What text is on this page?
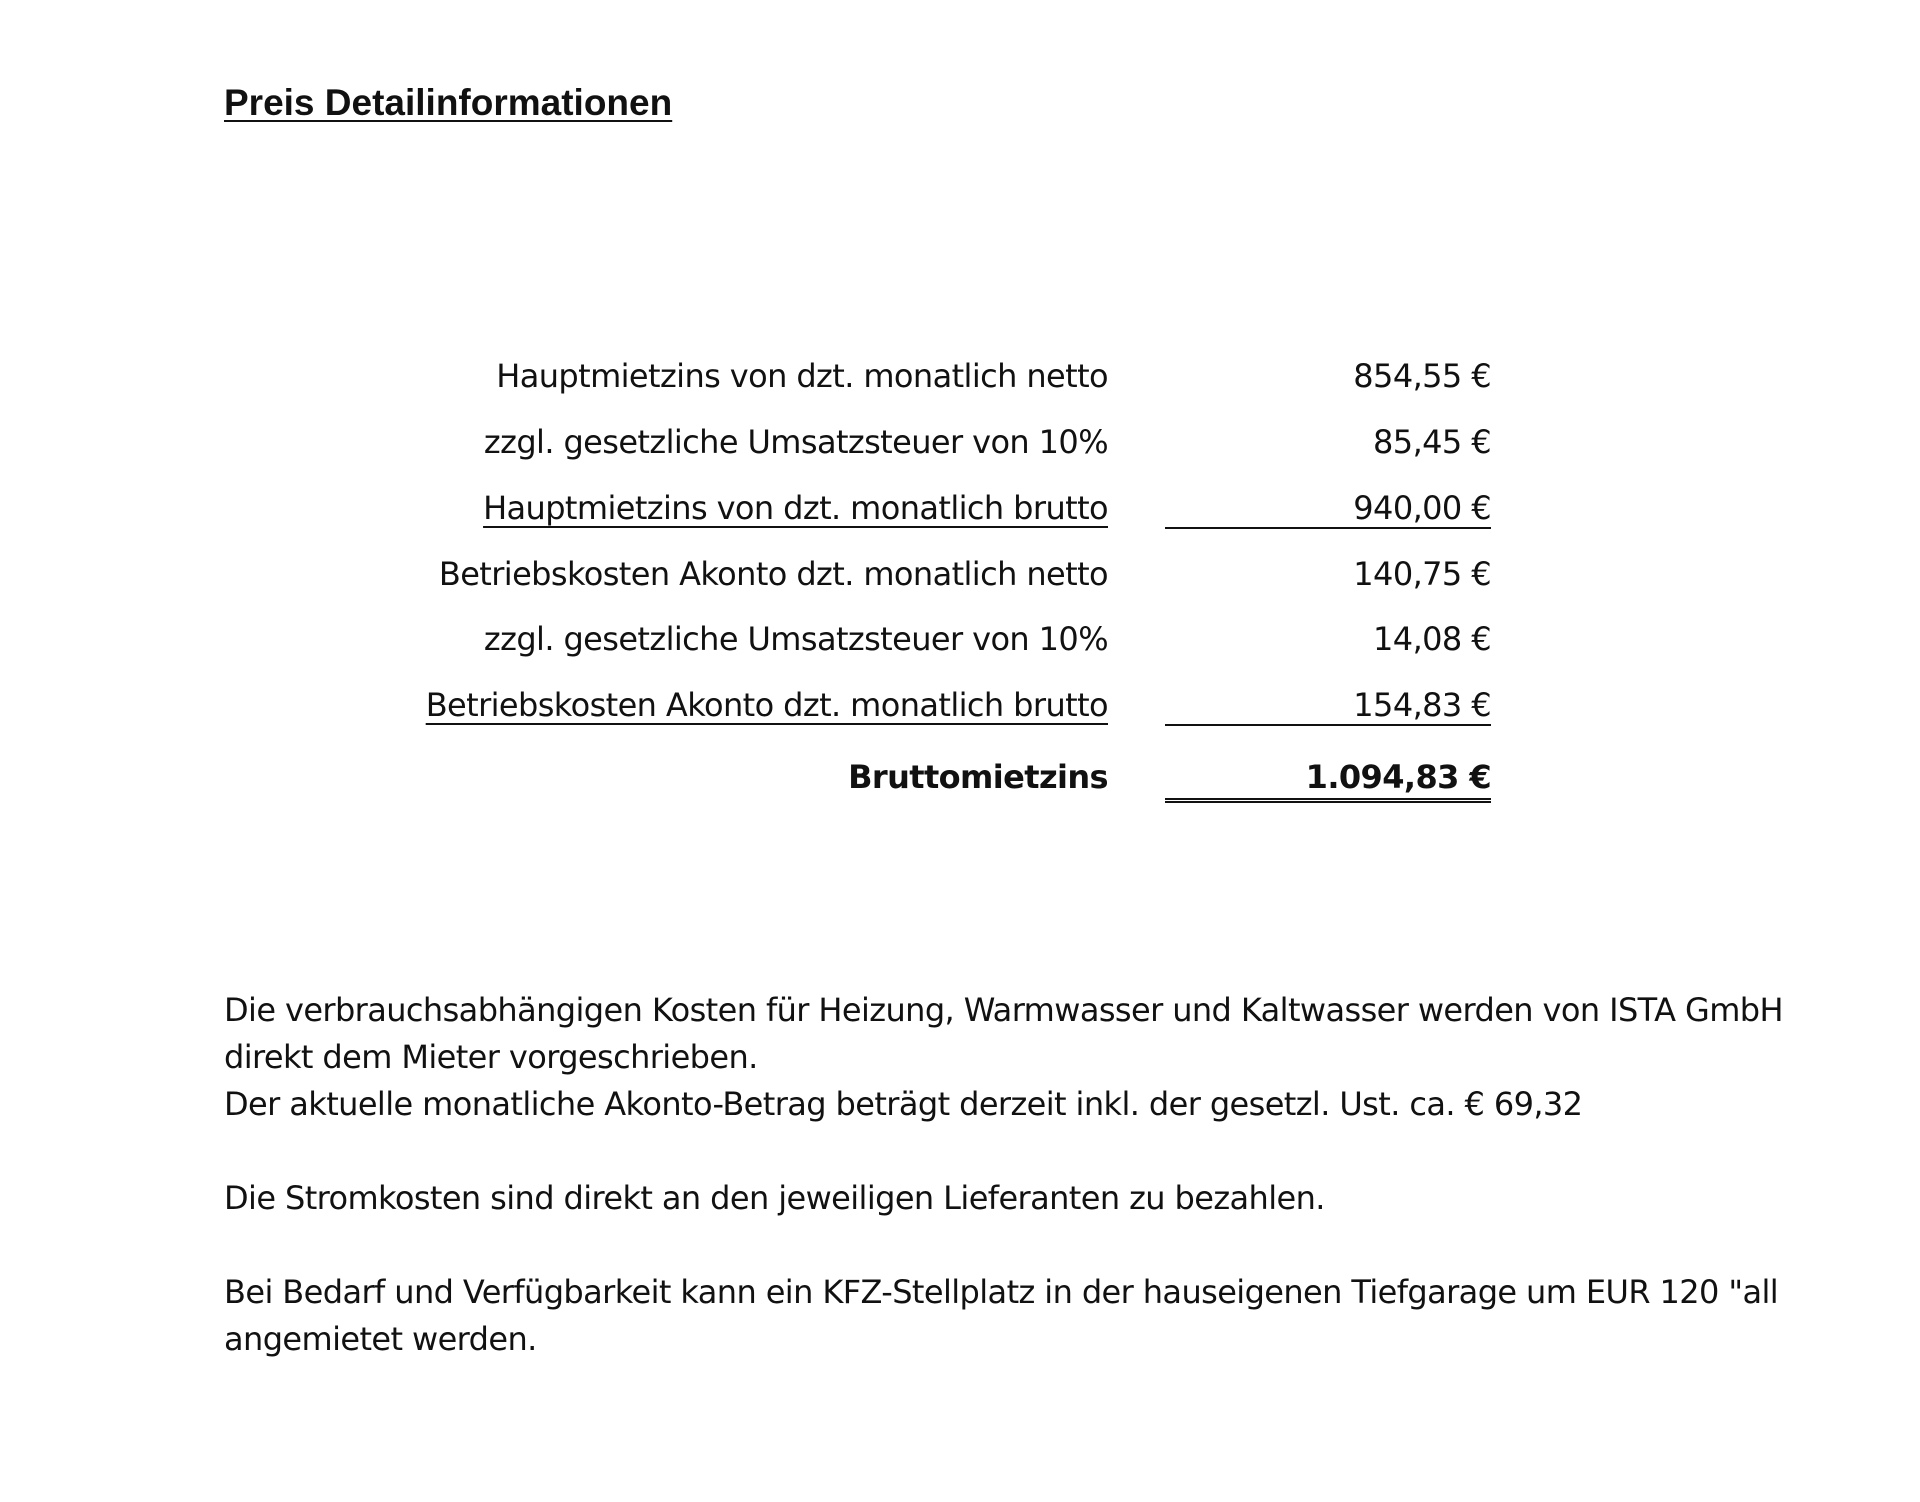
Preis Detailinformationen
Hauptmietzins von dzt. monatlich netto	854,55 €
zzgl. gesetzliche Umsatzsteuer von 10%	85,45 €
Hauptmietzins von dzt. monatlich brutto	940,00 €
Betriebskosten Akonto dzt. monatlich netto	140,75 €
zzgl. gesetzliche Umsatzsteuer von 10%	14,08 €
Betriebskosten Akonto dzt. monatlich brutto	154,83 €
Bruttomietzins	1.094,83 €

Die verbrauchsabhängigen Kosten für Heizung, Warmwasser und Kaltwasser werden von ISTA GmbH

direkt dem Mieter vorgeschrieben.

Der aktuelle monatliche Akonto-Betrag beträgt derzeit inkl. der gesetzl. Ust. ca. € 69,32

Die Stromkosten sind direkt an den jeweiligen Lieferanten zu bezahlen.

Bei Bedarf und Verfügbarkeit kann ein KFZ-Stellplatz in der hauseigenen Tiefgarage um EUR 120 "all

angemietet werden.
